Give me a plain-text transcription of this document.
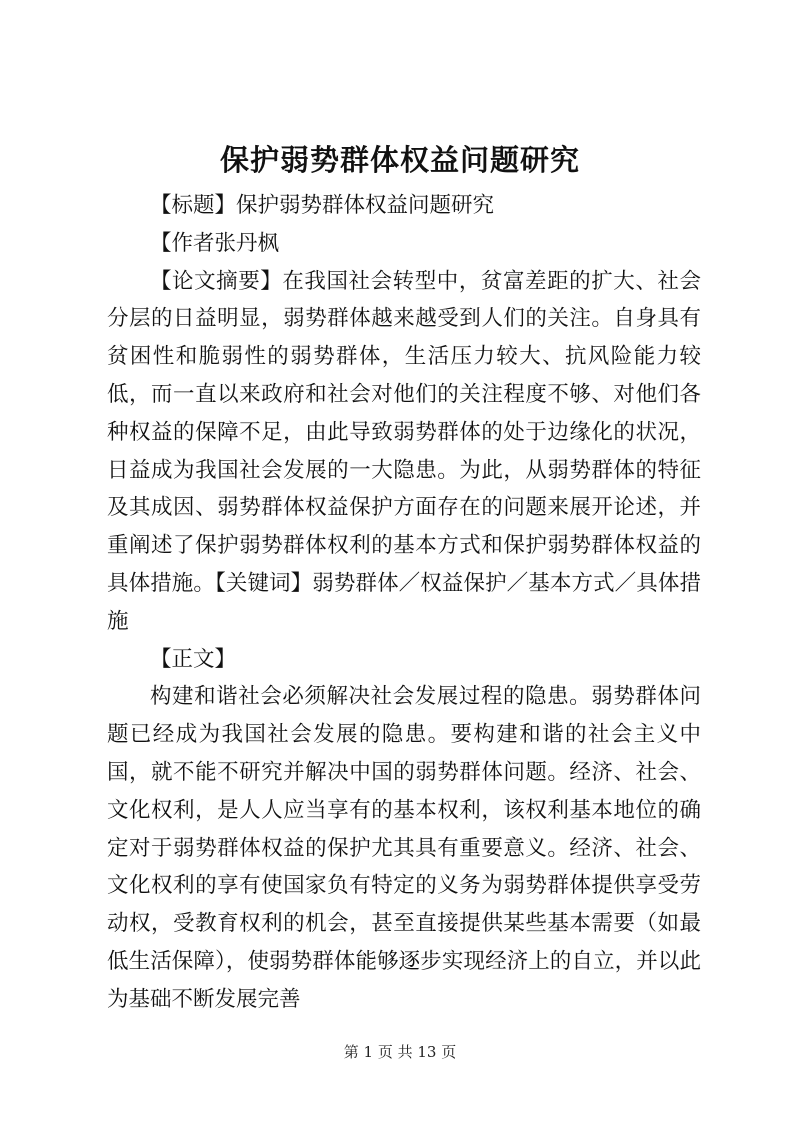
保护弱势群体权益问题研究

【标题】保护弱势群体权益问题研究

【作者张丹枫

【论文摘要】在我国社会转型中，贫富差距的扩大、社会分层的日益明显，弱势群体越来越受到人们的关注。自身具有贫困性和脆弱性的弱势群体，生活压力较大、抗风险能力较低，而一直以来政府和社会对他们的关注程度不够、对他们各种权益的保障不足，由此导致弱势群体的处于边缘化的状况，日益成为我国社会发展的一大隐患。为此，从弱势群体的特征及其成因、弱势群体权益保护方面存在的问题来展开论述，并重阐述了保护弱势群体权利的基本方式和保护弱势群体权益的具体措施。【关键词】弱势群体／权益保护／基本方式／具体措施

【正文】

构建和谐社会必须解决社会发展过程的隐患。弱势群体问题已经成为我国社会发展的隐患。要构建和谐的社会主义中国，就不能不研究并解决中国的弱势群体问题。经济、社会、文化权利，是人人应当享有的基本权利，该权利基本地位的确定对于弱势群体权益的保护尤其具有重要意义。经济、社会、文化权利的享有使国家负有特定的义务为弱势群体提供享受劳动权，受教育权利的机会，甚至直接提供某些基本需要（如最低生活保障），使弱势群体能够逐步实现经济上的自立，并以此为基础不断发展完善

第 1 页 共 13 页
